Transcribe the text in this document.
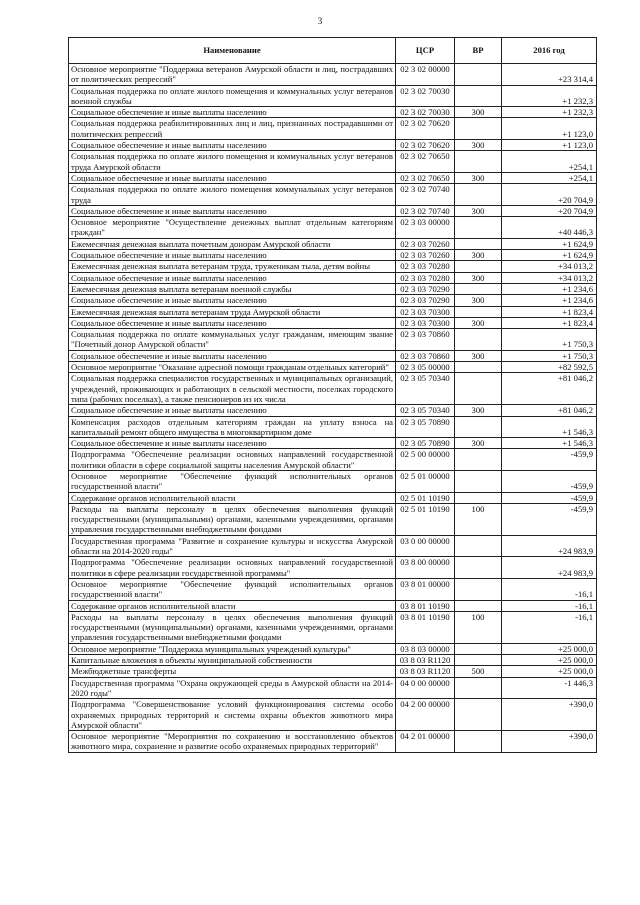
3
Наименование	ЦСР	ВР	2016 год
Основное мероприятие "Поддержка ветеранов Амурской области и лиц, пострадавших от политических репрессий"	02 3 02 00000		+23 314,4
Социальная поддержка по оплате жилого помещения и коммунальных услуг ветеранов военной службы	02 3 02 70030		+1 232,3
Социальное обеспечение и иные выплаты населению	02 3 02 70030	300	+1 232,3
Социальная поддержка реабилитированных лиц и лиц, признанных пострадавшими от политических репрессий	02 3 02 70620		+1 123,0
Социальное обеспечение и иные выплаты населению	02 3 02 70620	300	+1 123,0
Социальная поддержка по оплате жилого помещения и коммунальных услуг ветеранов труда Амурской области	02 3 02 70650		+254,1
Социальное обеспечение и иные выплаты населению	02 3 02 70650	300	+254,1
Социальная поддержка по оплате жилого помещения коммунальных услуг ветеранов труда	02 3 02 70740		+20 704,9
Социальное обеспечение и иные выплаты населению	02 3 02 70740	300	+20 704,9
Основное мероприятие "Осуществление денежных выплат отдельным категориям граждан"	02 3 03 00000		+40 446,3
Ежемесячная денежная выплата почетным донорам Амурской области	02 3 03 70260		+1 624,9
Социальное обеспечение и иные выплаты населению	02 3 03 70260	300	+1 624,9
Ежемесячная денежная выплата ветеранам труда, труженикам тыла, детям войны	02 3 03 70280		+34 013,2
Социальное обеспечение и иные выплаты населению	02 3 03 70280	300	+34 013,2
Ежемесячная денежная выплата ветеранам военной службы	02 3 03 70290		+1 234,6
Социальное обеспечение и иные выплаты населению	02 3 03 70290	300	+1 234,6
Ежемесячная денежная выплата ветеранам труда Амурской области	02 3 03 70300		+1 823,4
Социальное обеспечение и иные выплаты населению	02 3 03 70300	300	+1 823,4
Социальная поддержка по оплате коммунальных услуг гражданам, имеющим звание "Почетный донор Амурской области"	02 3 03 70860		+1 750,3
Социальное обеспечение и иные выплаты населению	02 3 03 70860	300	+1 750,3
Основное мероприятие "Оказание адресной помощи гражданам отдельных категорий"	02 3 05 00000		+82 592,5
Социальная поддержка специалистов государственных и муниципальных организаций, учреждений, проживающих и работающих в сельской местности, поселках городского типа (рабочих поселках), а также пенсионеров из их числа	02 3 05 70340		+81 046,2
Социальное обеспечение и иные выплаты населению	02 3 05 70340	300	+81 046,2
Компенсация расходов отдельным категориям граждан на уплату взноса на капитальный ремонт общего имущества в многоквартирном доме	02 3 05 70890		+1 546,3
Социальное обеспечение и иные выплаты населению	02 3 05 70890	300	+1 546,3
Подпрограмма "Обеспечение реализации основных направлений государственной политики области в сфере социальной защиты населения Амурской области"	02 5 00 00000		-459,9
Основное мероприятие "Обеспечение функций исполнительных органов государственной власти"	02 5 01 00000		-459,9
Содержание органов исполнительной власти	02 5 01 10190		-459,9
Расходы на выплаты персоналу в целях обеспечения выполнения функций государственными (муниципальными) органами, казенными учреждениями, органами управления государственными внебюджетными фондами	02 5 01 10190	100	-459,9
Государственная программа "Развитие и сохранение культуры и искусства Амурской области на 2014-2020 годы"	03 0 00 00000		+24 983,9
Подпрограмма "Обеспечение реализации основных направлений государственной политики в сфере реализации государственной программы"	03 8 00 00000		+24 983,9
Основное мероприятие "Обеспечение функций исполнительных органов государственной власти"	03 8 01 00000		-16,1
Содержание органов исполнительной власти	03 8 01 10190		-16,1
Расходы на выплаты персоналу в целях обеспечения выполнения функций государственными (муниципальными) органами, казенными учреждениями, органами управления государственными внебюджетными фондами	03 8 01 10190	100	-16,1
Основное мероприятие "Поддержка муниципальных учреждений культуры"	03 8 03 00000		+25 000,0
Капитальные вложения в объекты муниципальной собственности	03 8 03 R1120		+25 000,0
Межбюджетные трансферты	03 8 03 R1120	500	+25 000,0
Государственная программа "Охрана окружающей среды в Амурской области на 2014-2020 годы"	04 0 00 00000		-1 446,3
Подпрограмма "Совершенствование условий функционирования системы особо охраняемых природных территорий и системы охраны объектов животного мира Амурской области"	04 2 00 00000		+390,0
Основное мероприятие "Мероприятия по сохранению и восстановлению объектов животного мира, сохранение и развитие особо охраняемых природных территорий"	04 2 01 00000		+390,0
